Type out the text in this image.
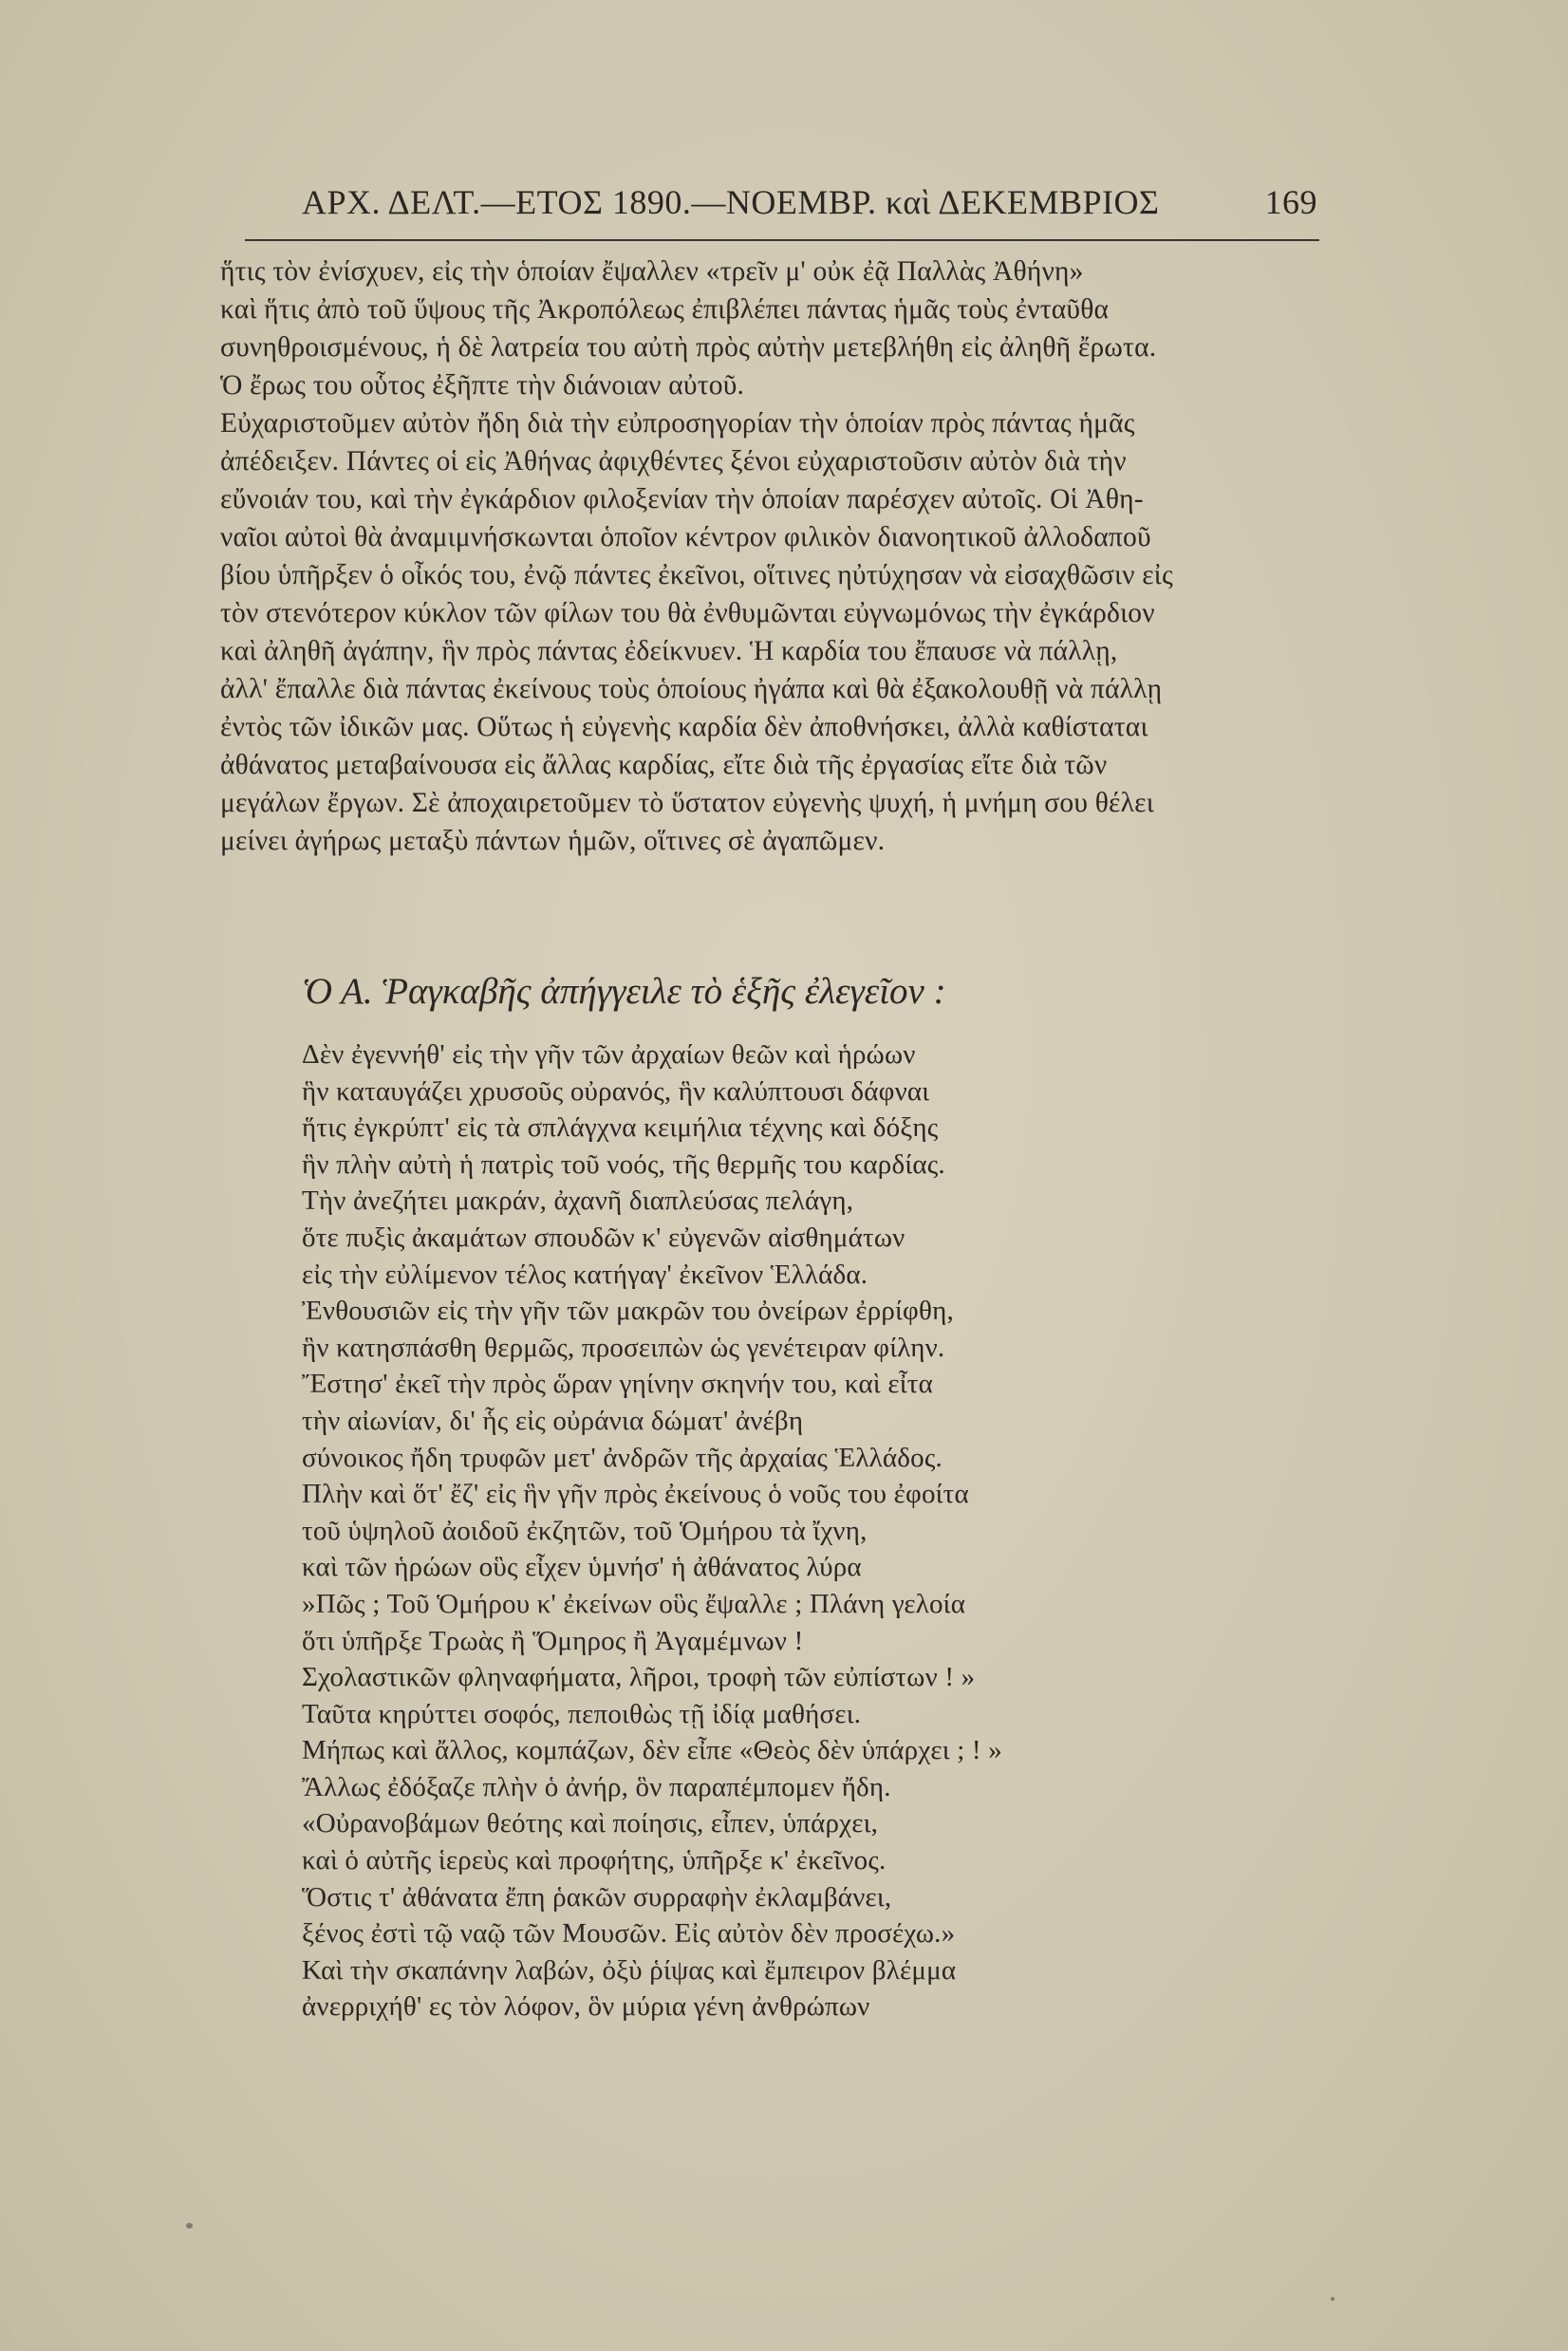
ΑΡΧ. ΔΕΛΤ.—ΕΤΟΣ 1890.—ΝΟΕΜΒΡ. καὶ ΔΕΚΕΜΒΡΙΟΣ	169
ἥτις τὸν ἐνίσχυεν, εἰς τὴν ὁποίαν ἔψαλλεν «τρεῖν μ' οὐκ ἐᾷ Παλλὰς Ἀθήνη»
καὶ ἥτις ἀπὸ τοῦ ὕψους τῆς Ἀκροπόλεως ἐπιβλέπει πάντας ἡμᾶς τοὺς ἐνταῦθα
συνηθροισμένους, ἡ δὲ λατρεία του αὐτὴ πρὸς αὐτὴν μετεβλήθη εἰς ἀληθῆ ἔρωτα.
Ὁ ἔρως του οὗτος ἐξῆπτε τὴν διάνοιαν αὐτοῦ.
Εὐχαριστοῦμεν αὐτὸν ἤδη διὰ τὴν εὐπροσηγορίαν τὴν ὁποίαν πρὸς πάντας ἡμᾶς
ἀπέδειξεν. Πάντες οἱ εἰς Ἀθήνας ἀφιχθέντες ξένοι εὐχαριστοῦσιν αὐτὸν διὰ τὴν
εὔνοιάν του, καὶ τὴν ἐγκάρδιον φιλοξενίαν τὴν ὁποίαν παρέσχεν αὐτοῖς. Οἱ Ἀθη-
ναῖοι αὐτοὶ θὰ ἀναμιμνήσκωνται ὁποῖον κέντρον φιλικὸν διανοητικοῦ ἀλλοδαποῦ
βίου ὑπῆρξεν ὁ οἶκός του, ἐνῷ πάντες ἐκεῖνοι, οἵτινες ηὐτύχησαν νὰ εἰσαχθῶσιν εἰς
τὸν στενότερον κύκλον τῶν φίλων του θὰ ἐνθυμῶνται εὐγνωμόνως τὴν ἐγκάρδιον
καὶ ἀληθῆ ἀγάπην, ἣν πρὸς πάντας ἐδείκνυεν. Ἡ καρδία του ἔπαυσε νὰ πάλλῃ,
ἀλλ' ἔπαλλε διὰ πάντας ἐκείνους τοὺς ὁποίους ἠγάπα καὶ θὰ ἐξακολουθῇ νὰ πάλλῃ
ἐντὸς τῶν ἰδικῶν μας. Οὕτως ἡ εὐγενὴς καρδία δὲν ἀποθνήσκει, ἀλλὰ καθίσταται
ἀθάνατος μεταβαίνουσα εἰς ἄλλας καρδίας, εἴτε διὰ τῆς ἐργασίας εἴτε διὰ τῶν
μεγάλων ἔργων. Σὲ ἀποχαιρετοῦμεν τὸ ὕστατον εὐγενὴς ψυχή, ἡ μνήμη σου θέλει
μείνει ἀγήρως μεταξὺ πάντων ἡμῶν, οἵτινες σὲ ἀγαπῶμεν.
Ὁ Α. Ῥαγκαβῆς ἀπήγγειλε τὸ ἑξῆς ἐλεγεῖον :
Δὲν ἐγεννήθ' εἰς τὴν γῆν τῶν ἀρχαίων θεῶν καὶ ἡρώων
ἣν καταυγάζει χρυσοῦς οὐρανός, ἣν καλύπτουσι δάφναι
ἥτις ἐγκρύπτ' εἰς τὰ σπλάγχνα κειμήλια τέχνης καὶ δόξης
ἣν πλὴν αὐτὴ ἡ πατρὶς τοῦ νοός, τῆς θερμῆς του καρδίας.
Τὴν ἀνεζήτει μακράν, ἀχανῆ διαπλεύσας πελάγη,
ὅτε πυξὶς ἀκαμάτων σπουδῶν κ' εὐγενῶν αἰσθημάτων
εἰς τὴν εὐλίμενον τέλος κατήγαγ' ἐκεῖνον Ἑλλάδα.
Ἐνθουσιῶν εἰς τὴν γῆν τῶν μακρῶν του ὀνείρων ἐρρίφθη,
ἣν κατησπάσθη θερμῶς, προσειπὼν ὡς γενέτειραν φίλην.
Ἔστησ' ἐκεῖ τὴν πρὸς ὥραν γηίνην σκηνήν του, καὶ εἶτα
τὴν αἰωνίαν, δι' ἧς εἰς οὐράνια δώματ' ἀνέβη
σύνοικος ἤδη τρυφῶν μετ' ἀνδρῶν τῆς ἀρχαίας Ἑλλάδος.
Πλὴν καὶ ὅτ' ἔζ' εἰς ἣν γῆν πρὸς ἐκείνους ὁ νοῦς του ἐφοίτα
τοῦ ὑψηλοῦ ἀοιδοῦ ἐκζητῶν, τοῦ Ὁμήρου τὰ ἴχνη,
καὶ τῶν ἡρώων οὓς εἶχεν ὑμνήσ' ἡ ἀθάνατος λύρα
»Πῶς ; Τοῦ Ὁμήρου κ' ἐκείνων οὓς ἔψαλλε ; Πλάνη γελοία
ὅτι ὑπῆρξε Τρωὰς ἢ Ὅμηρος ἢ Ἀγαμέμνων !
Σχολαστικῶν φληναφήματα, λῆροι, τροφὴ τῶν εὐπίστων ! »
Ταῦτα κηρύττει σοφός, πεποιθὼς τῇ ἰδίᾳ μαθήσει.
Μήπως καὶ ἄλλος, κομπάζων, δὲν εἶπε «Θεὸς δὲν ὑπάρχει ; ! »
Ἄλλως ἐδόξαζε πλὴν ὁ ἀνήρ, ὃν παραπέμπομεν ἤδη.
«Οὐρανοβάμων θεότης καὶ ποίησις, εἶπεν, ὑπάρχει,
καὶ ὁ αὐτῆς ἱερεὺς καὶ προφήτης, ὑπῆρξε κ' ἐκεῖνος.
Ὅστις τ' ἀθάνατα ἔπη ῥακῶν συρραφὴν ἐκλαμβάνει,
ξένος ἐστὶ τῷ ναῷ τῶν Μουσῶν. Εἰς αὐτὸν δὲν προσέχω.»
Καὶ τὴν σκαπάνην λαβών, ὀξὺ ῥίψας καὶ ἔμπειρον βλέμμα
ἀνερριχήθ' ες τὸν λόφον, ὃν μύρια γένη ἀνθρώπων
